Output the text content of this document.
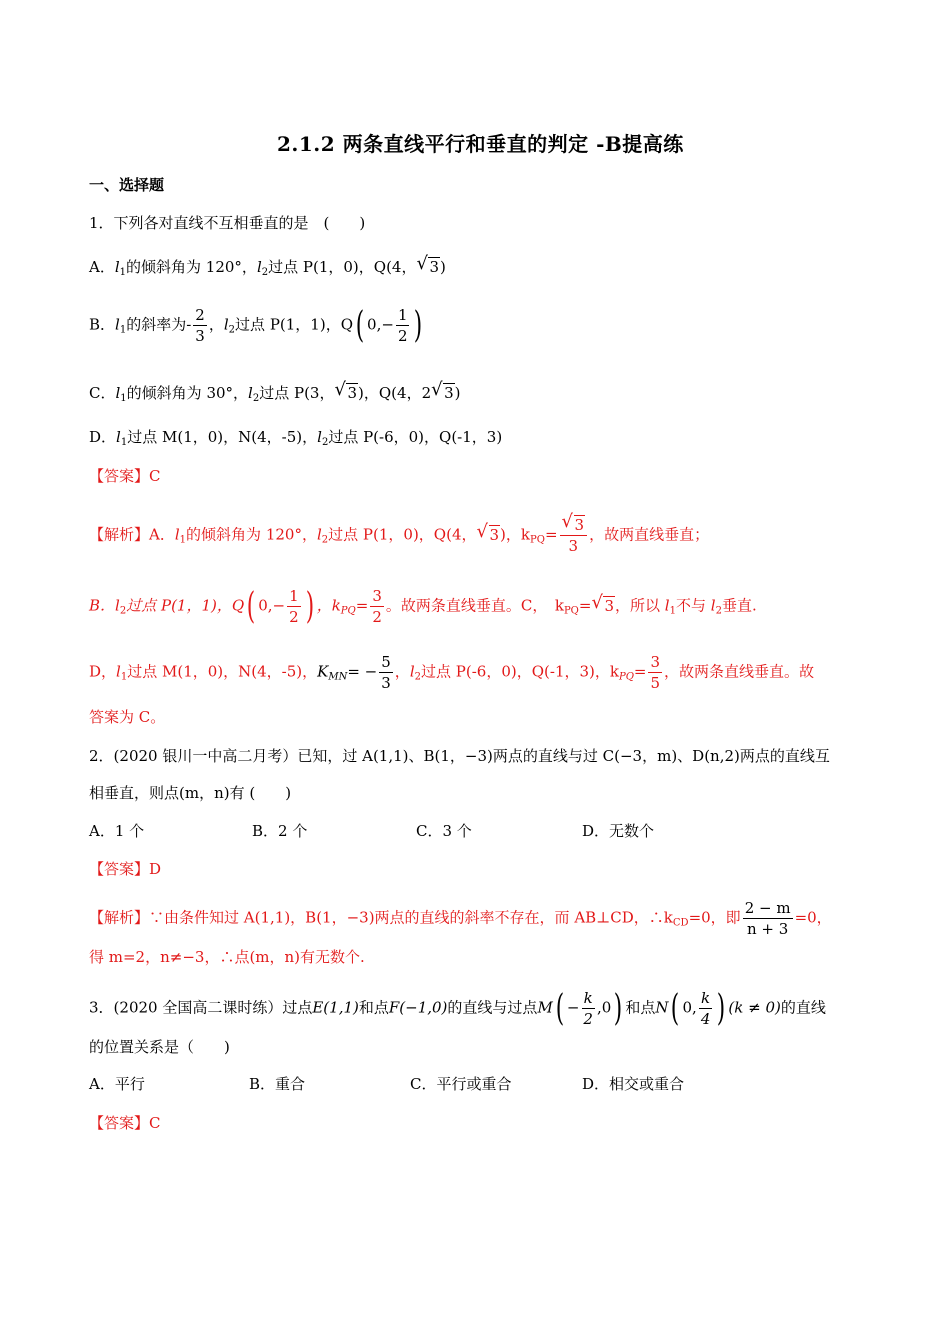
2.1.2 两条直线平行和垂直的判定 -B提高练
一、选择题
1．下列各对直线不互相垂直的是　(　　)
A．$l_1$的倾斜角为 120°，$l_2$过点 P(1，0)，Q(4， √ 3)
B．$l_1$的斜率为- $\frac{2}{3}$ ，$l_2$过点 P(1，1)，Q( $0,- \frac{1}{2}$ )
C．$l_1$的倾斜角为 30°，$l_2$过点 P(3， √ 3)，Q(4，2 √ 3)
D．$l_1$过点 M(1，0)，N(4，-5)，$l_2$过点 P(-6，0)，Q(-1，3)
【答案】C
【解析】A．$l_1$的倾斜角为 120°，$l_2$过点 P(1，0)，Q(4， √ 3)，$k_{PQ}= \frac{√ 3}{3}$ ，故两直线垂直；
B．$l_2$过点 P(1，1)，Q( $0,- \frac{1}{2}$ ) ，$k_{PQ}= \frac{3}{2}$ 。故两条直线垂直。C，　$k_{PQ}=$ √ 3，所以 $l_1$不与 $l_2$垂直.
D，$l_1$过点 M(1，0)，N(4，-5)，$K_{MN}= - \frac{5}{3}$ ，$l_2$过点 P(-6，0)，Q(-1，3)，$k_{PQ}= \frac{3}{5}$ ，故两条直线垂直。故
答案为 C。
2．(2020 银川一中高二月考）已知，过 A(1,1)、B(1，−3)两点的直线与过 C(−3，m)、D(n,2)两点的直线互
相垂直，则点(m，n)有 (　　)
A．1 个	B．2 个	C．3 个	D．无数个
【答案】D
【解析】∵由条件知过 A(1,1)，B(1，−3)两点的直线的斜率不存在，而 AB⊥CD，$\therefore k_{CD}=0$，即 $\frac{2 - m}{n + 3} =0$，
得 m=2，n≠−3，∴点(m，n)有无数个.
3．(2020 全国高二课时练）过点E(1,1)和点F(−1,0)的直线与过点$M( - \frac{k}{2} ,0)$ 和点N( 0, $\frac{k}{4}$ ) (k ≠ 0)的直线
的位置关系是（　　)
A．平行	B．重合	C．平行或重合	D．相交或重合
【答案】C
